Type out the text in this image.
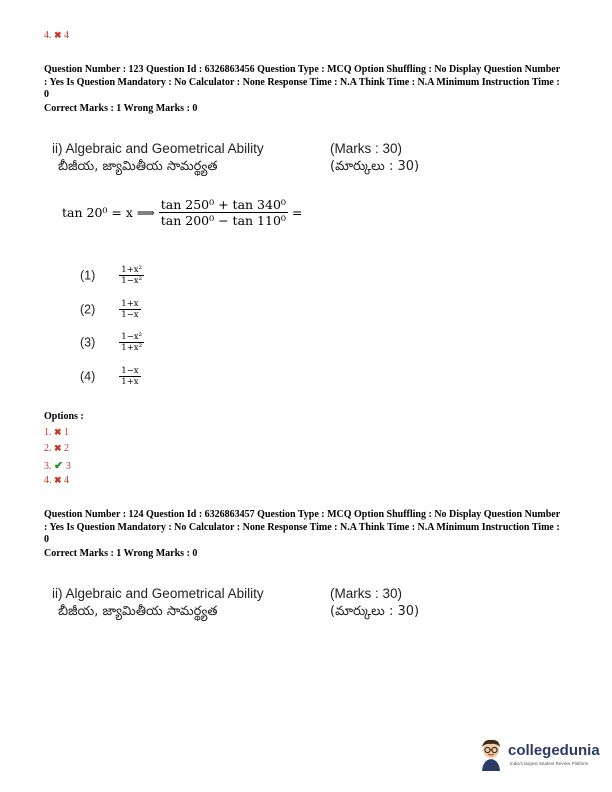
4. ✖ 4
Question Number : 123 Question Id : 6326863456 Question Type : MCQ Option Shuffling : No Display Question Number : Yes Is Question Mandatory : No Calculator : None Response Time : N.A Think Time : N.A Minimum Instruction Time : 0
Correct Marks : 1 Wrong Marks : 0
ii) Algebraic and Geometrical Ability	(Marks : 30)
బీజీయ, జ్యామితీయ సామర్థ్యత	(మార్కులు : 30)
tan 20⁰ = x ⟹ $\frac{\text{tan 250⁰ + tan 340⁰}}{\text{tan 200⁰ − tan 110⁰}}$ =
(1)	$\frac{\text{1+x²}}{\text{1−x²}}$
(2)	$\frac{1+x}{1-x}$
(3)	$\frac{\text{1−x²}}{\text{1+x²}}$
(4)	$\frac{1-x}{1+x}$
Options :
1. ✖ 1
2. ✖ 2
3. ✔ 3
4. ✖ 4
Question Number : 124 Question Id : 6326863457 Question Type : MCQ Option Shuffling : No Display Question Number : Yes Is Question Mandatory : No Calculator : None Response Time : N.A Think Time : N.A Minimum Instruction Time : 0
Correct Marks : 1 Wrong Marks : 0
ii) Algebraic and Geometrical Ability	(Marks : 30)
బీజీయ, జ్యామితీయ సామర్థ్యత	(మార్కులు : 30)
collegedunia
India's largest Student Review Platform
